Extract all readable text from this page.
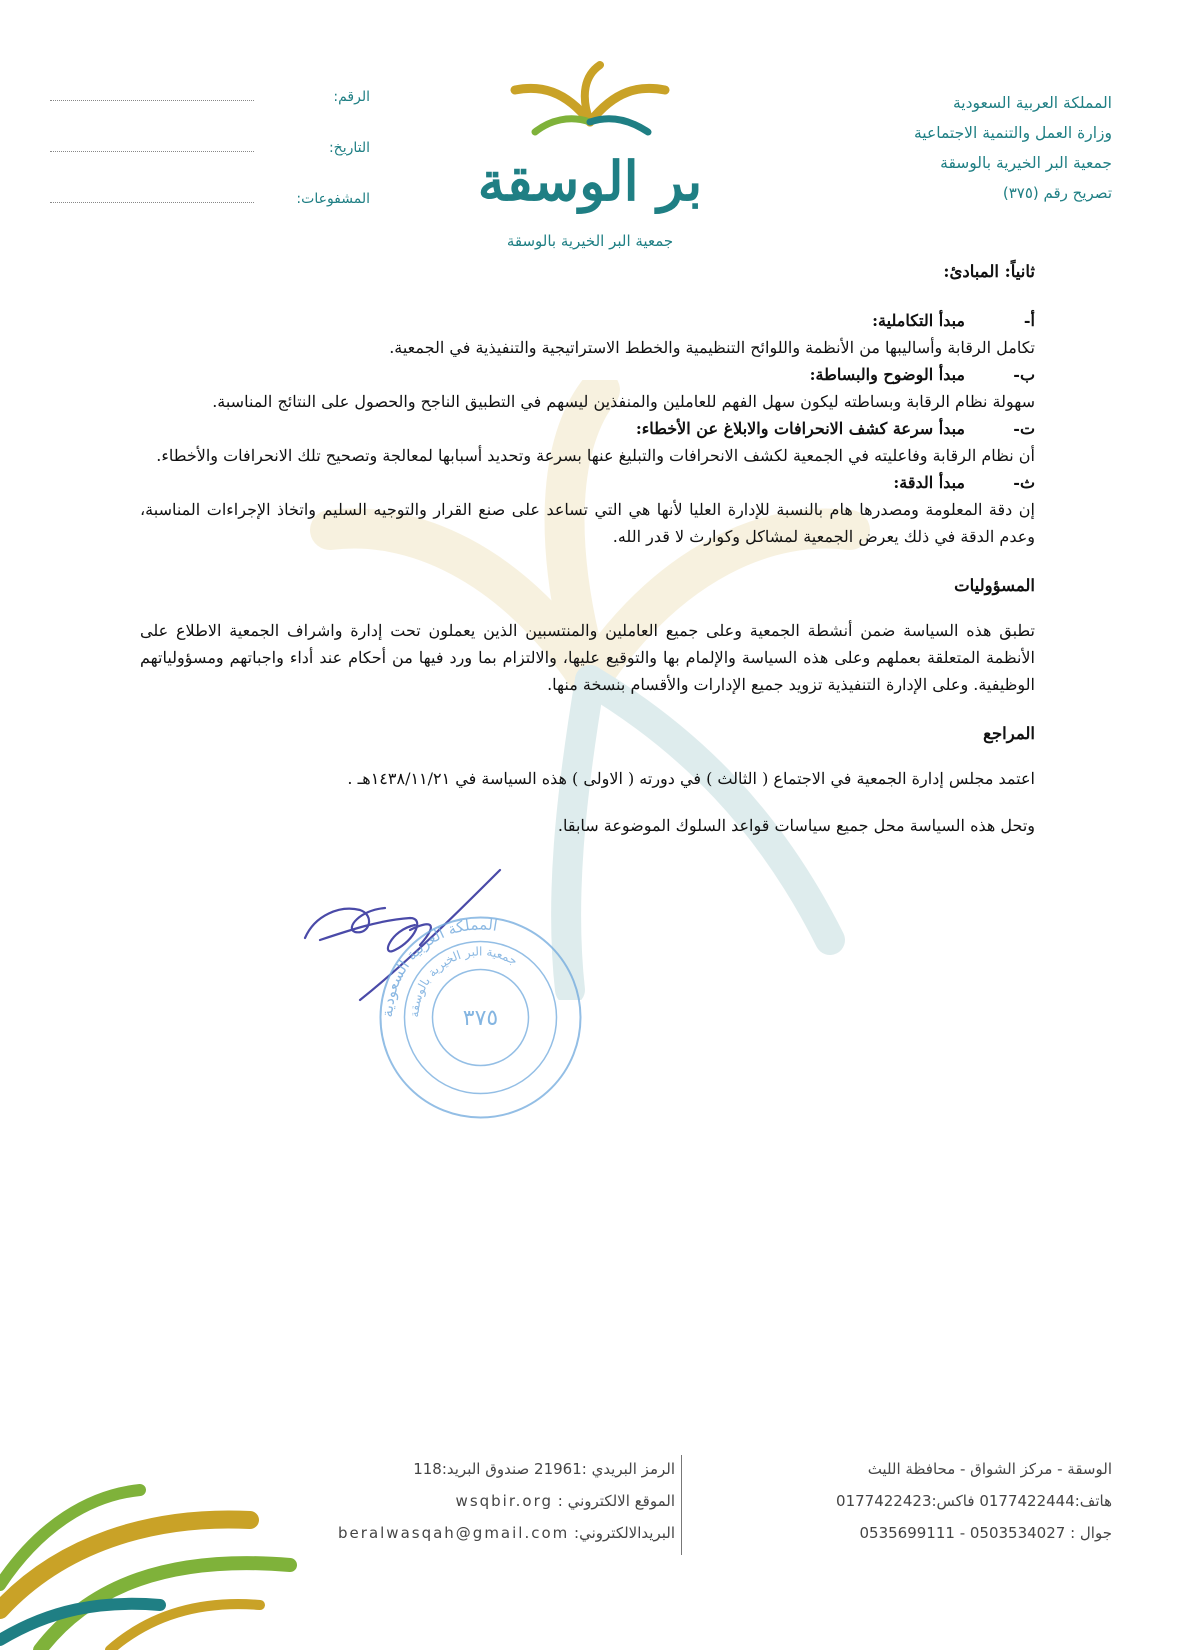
المملكة العربية السعودية
وزارة العمل والتنمية الاجتماعية
جمعية البر الخيرية بالوسقة
تصريح رقم (٣٧٥)
الرقم:
التاريخ:
المشفوعات: بر الوسقة
جمعية البر الخيرية بالوسقة
ثانياً: المبادئ:
أ-
مبدأ التكاملية:

تكامل الرقابة وأساليبها من الأنظمة واللوائح التنظيمية والخطط الاستراتيجية والتنفيذية في الجمعية.

ب-
مبدأ الوضوح والبساطة:

سهولة نظام الرقابة وبساطته ليكون سهل الفهم للعاملين والمنفذين ليسهم في التطبيق الناجح والحصول على النتائج المناسبة.

ت-
مبدأ سرعة كشف الانحرافات والابلاغ عن الأخطاء:

أن نظام الرقابة وفاعليته في الجمعية لكشف الانحرافات والتبليغ عنها بسرعة وتحديد أسبابها لمعالجة وتصحيح تلك الانحرافات والأخطاء.

ث-
مبدأ الدقة:

إن دقة المعلومة ومصدرها هام بالنسبة للإدارة العليا لأنها هي التي تساعد على صنع القرار والتوجيه السليم واتخاذ الإجراءات المناسبة، وعدم الدقة في ذلك يعرض الجمعية لمشاكل وكوارث لا قدر الله.

المسؤوليات

تطبق هذه السياسة ضمن أنشطة الجمعية وعلى جميع العاملين والمنتسبين الذين يعملون تحت إدارة واشراف الجمعية الاطلاع على الأنظمة المتعلقة بعملهم وعلى هذه السياسة والإلمام بها والتوقيع عليها، والالتزام بما ورد فيها من أحكام عند أداء واجباتهم ومسؤولياتهم الوظيفية. وعلى الإدارة التنفيذية تزويد جميع الإدارات والأقسام بنسخة منها.

المراجع

اعتمد مجلس إدارة الجمعية في الاجتماع ( الثالث ) في دورته ( الاولى ) هذه السياسة في ١٤٣٨/١١/٢١هـ .

وتحل هذه السياسة محل جميع سياسات قواعد السلوك الموضوعة سابقا.

المملكة العربية السعودية
جمعية البر الخيرية بالوسقة
٣٧٥
الوسقة - مركز الشواق - محافظة الليث
هاتف:0177422444 فاكس:0177422423
جوال : 0503534027 - 0535699111
الرمز البريدي :21961 صندوق البريد:118
الموقع الالكتروني : wsqbir.org
البريدالالكتروني: beralwasqah@gmail.com
